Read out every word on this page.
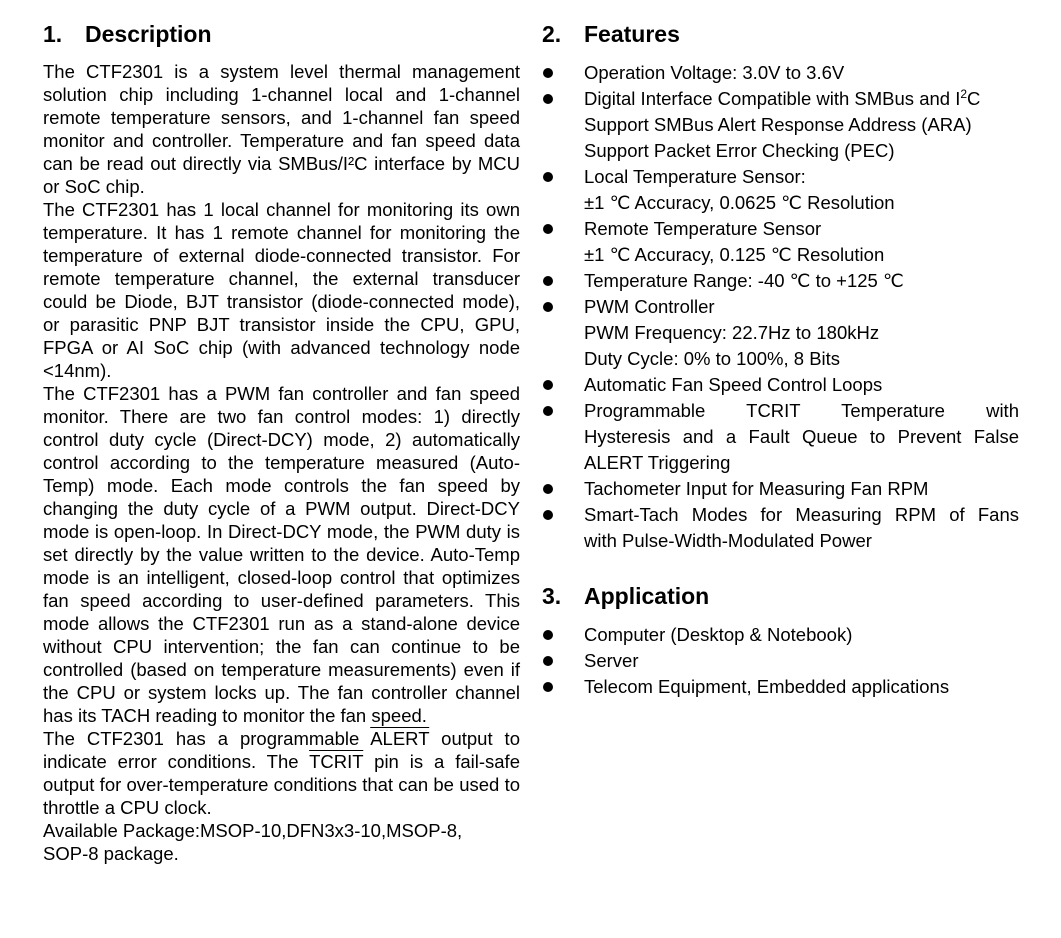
1. Description

The CTF2301 is a system level thermal management solution chip including 1-channel local and 1-channel remote temperature sensors, and 1-channel fan speed monitor and controller. Temperature and fan speed data can be read out directly via SMBus/I²C interface by MCU or SoC chip.

The CTF2301 has 1 local channel for monitoring its own temperature. It has 1 remote channel for monitoring the temperature of external diode-connected transistor. For remote temperature channel, the external transducer could be Diode, BJT transistor (diode-connected mode), or parasitic PNP BJT transistor inside the CPU, GPU, FPGA or AI SoC chip (with advanced technology node <14nm).

The CTF2301 has a PWM fan controller and fan speed monitor. There are two fan control modes: 1) directly control duty cycle (Direct-DCY) mode, 2) automatically control according to the temperature measured (Auto-Temp) mode. Each mode controls the fan speed by changing the duty cycle of a PWM output. Direct-DCY mode is open-loop. In Direct-DCY mode, the PWM duty is set directly by the value written to the device. Auto-Temp mode is an intelligent, closed-loop control that optimizes fan speed according to user-defined parameters. This mode allows the CTF2301 run as a stand-alone device without CPU intervention; the fan can continue to be controlled (based on temperature measurements) even if the CPU or system locks up. The fan controller channel has its TACH reading to monitor the fan speed.

The CTF2301 has a programmable ALERT output to indicate error conditions. The TCRIT pin is a fail-safe output for over-temperature conditions that can be used to throttle a CPU clock.

Available Package:MSOP-10,DFN3x3-10,MSOP-8,
SOP-8 package.

2. Features
Operation Voltage: 3.0V to 3.6V
Digital Interface Compatible with SMBus and $I^2C$
Support SMBus Alert Response Address (ARA)
Support Packet Error Checking (PEC)
Local Temperature Sensor:
±1 ℃ Accuracy, 0.0625 ℃ Resolution
Remote Temperature Sensor
±1 ℃ Accuracy, 0.125 ℃ Resolution
Temperature Range: -40 ℃ to +125 ℃
PWM Controller
PWM Frequency: 22.7Hz to 180kHz
Duty Cycle: 0% to 100%, 8 Bits
Automatic Fan Speed Control Loops
Programmable TCRIT Temperature with
Hysteresis and a Fault Queue to Prevent False
ALERT Triggering
Tachometer Input for Measuring Fan RPM
Smart-Tach Modes for Measuring RPM of Fans
with Pulse-Width-Modulated Power
3. Application
Computer (Desktop & Notebook)
Server
Telecom Equipment, Embedded applications
